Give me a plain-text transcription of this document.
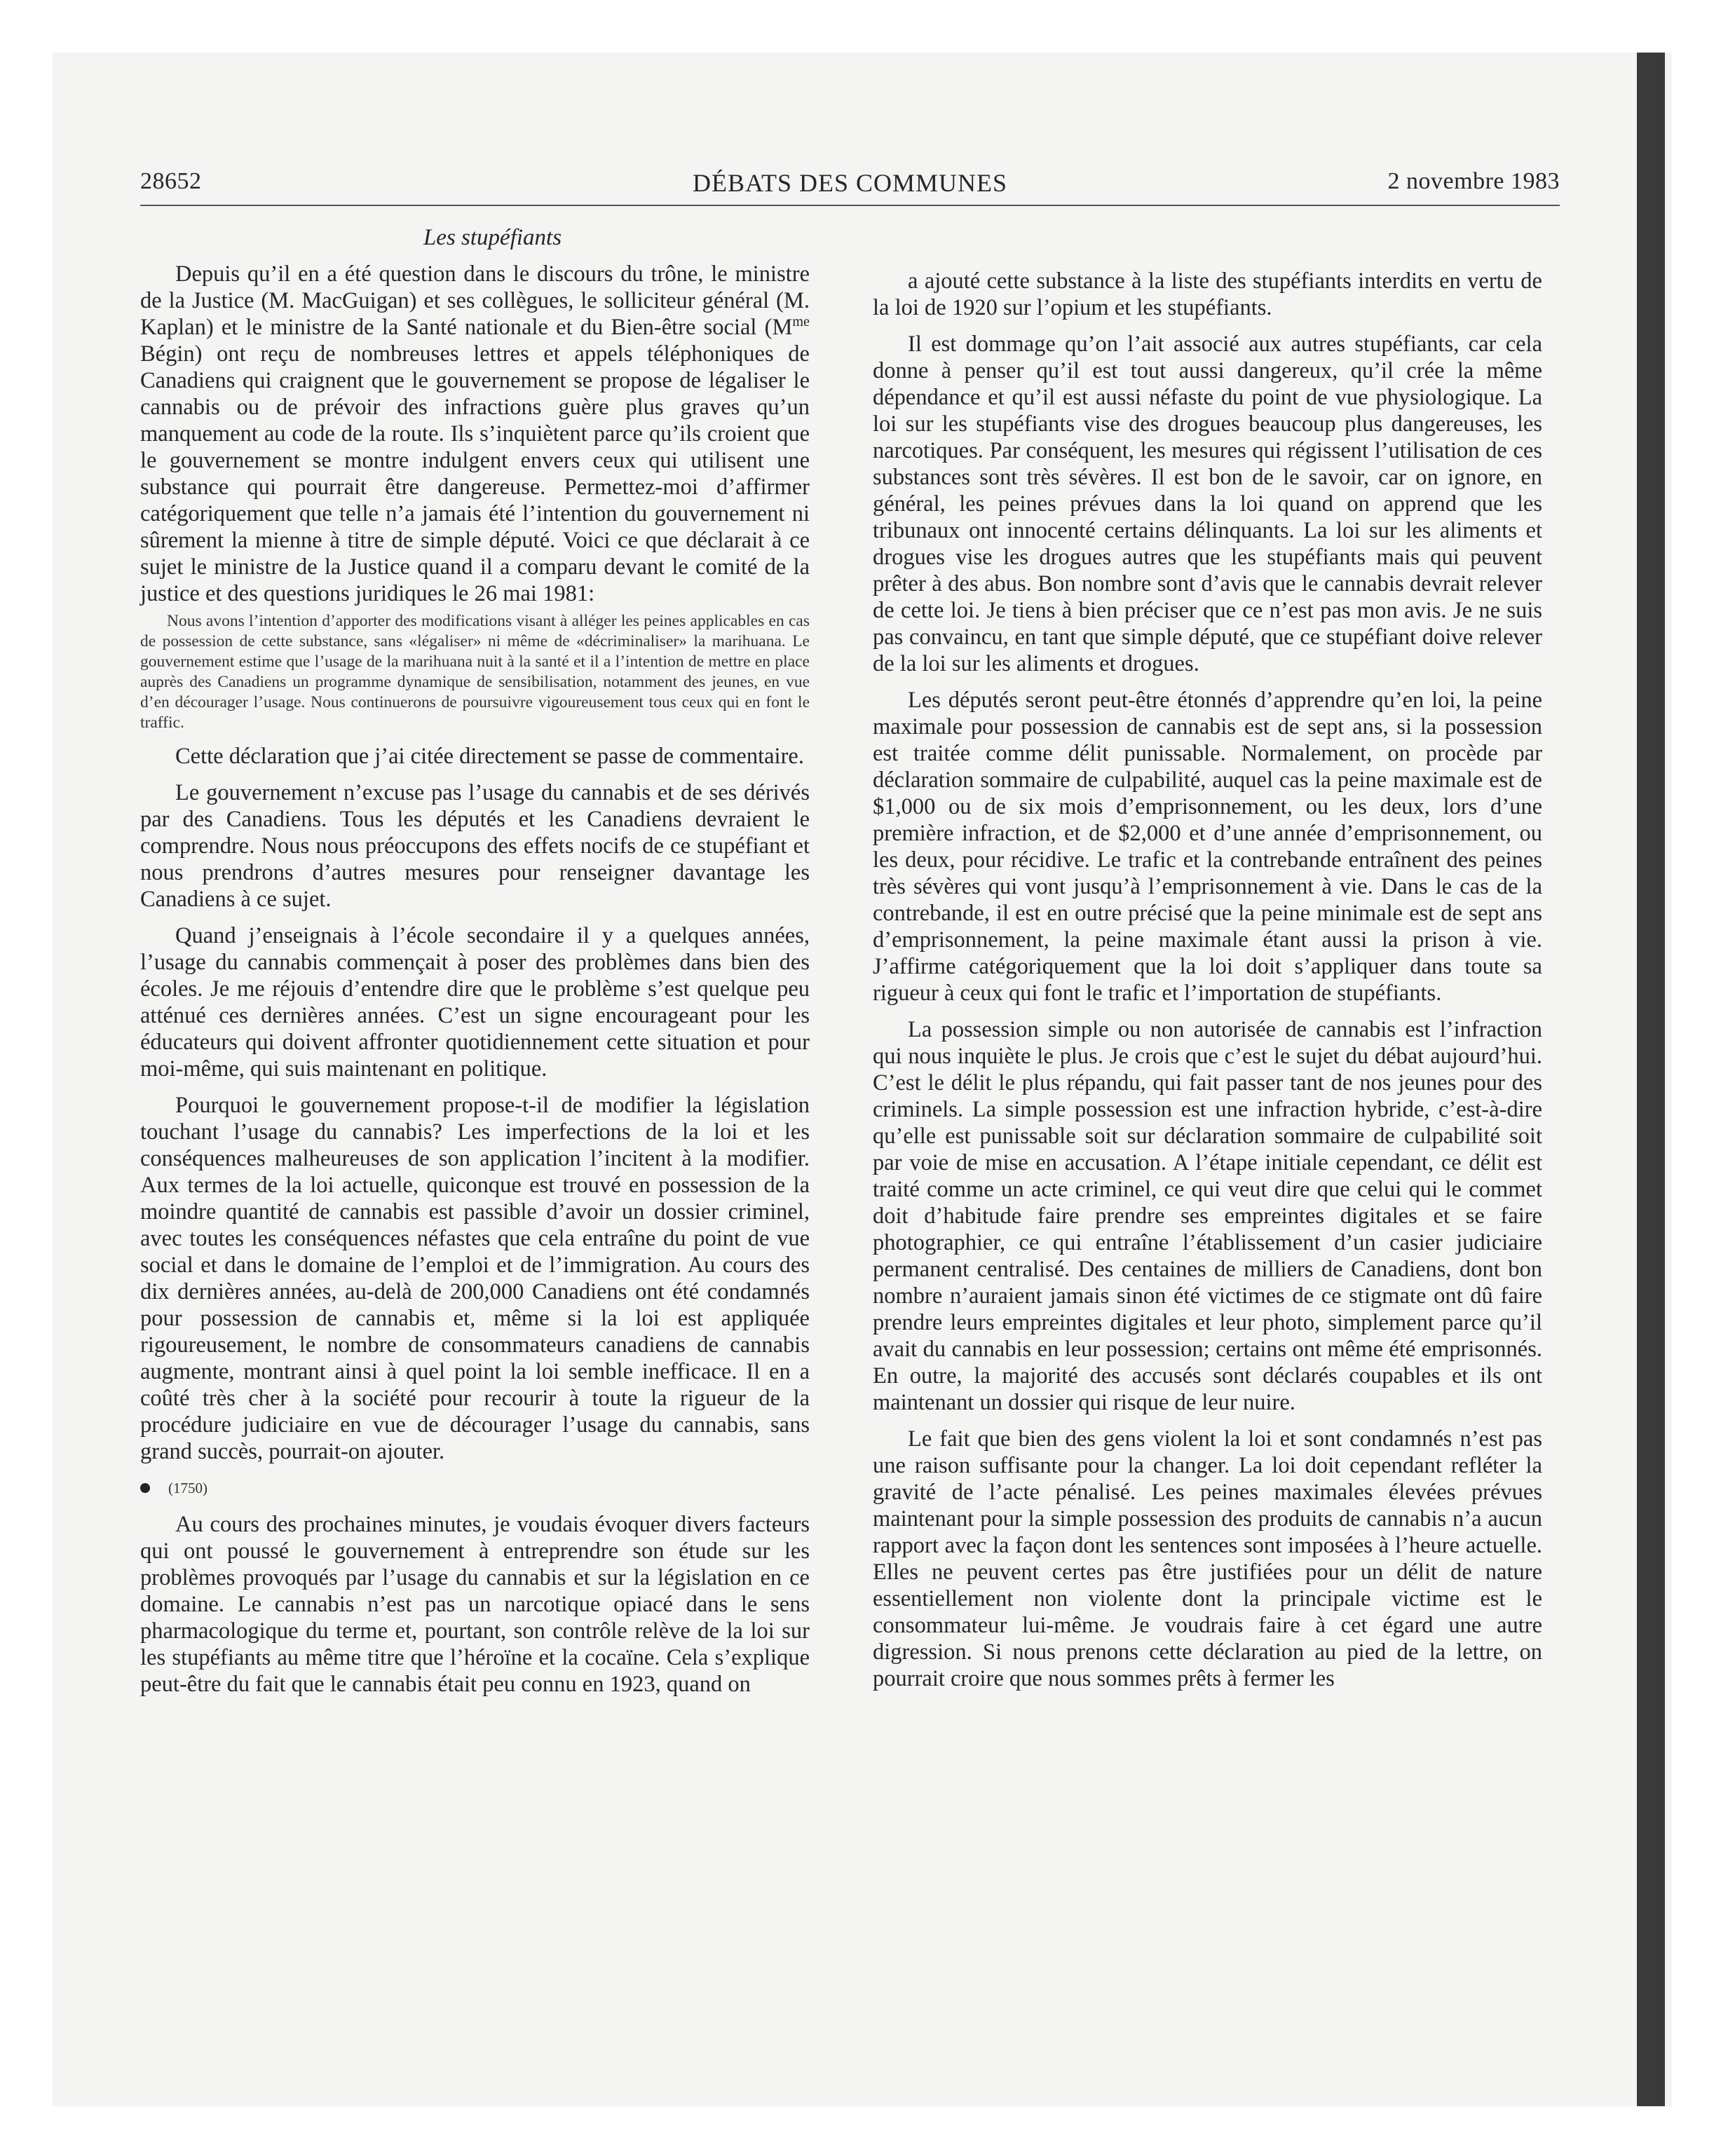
28652	DÉBATS DES COMMUNES	2 novembre 1983

Les stupéfiants

Depuis qu’il en a été question dans le discours du trône, le ministre de la Justice (M. MacGuigan) et ses collègues, le solliciteur général (M. Kaplan) et le ministre de la Santé nationale et du Bien-être social ($M^{me}$ Bégin) ont reçu de nombreuses lettres et appels téléphoniques de Canadiens qui craignent que le gouvernement se propose de légaliser le cannabis ou de prévoir des infractions guère plus graves qu’un manquement au code de la route. Ils s’inquiètent parce qu’ils croient que le gouvernement se montre indulgent envers ceux qui utilisent une substance qui pourrait être dangereuse. Permettez-moi d’affirmer catégoriquement que telle n’a jamais été l’intention du gouvernement ni sûrement la mienne à titre de simple député. Voici ce que déclarait à ce sujet le ministre de la Justice quand il a comparu devant le comité de la justice et des questions juridiques le 26 mai 1981:

Nous avons l’intention d’apporter des modifications visant à alléger les peines applicables en cas de possession de cette substance, sans «légaliser» ni même de «décriminaliser» la marihuana. Le gouvernement estime que l’usage de la marihuana nuit à la santé et il a l’intention de mettre en place auprès des Canadiens un programme dynamique de sensibilisation, notamment des jeunes, en vue d’en décourager l’usage. Nous continuerons de poursuivre vigoureusement tous ceux qui en font le traffic.

Cette déclaration que j’ai citée directement se passe de commentaire.

Le gouvernement n’excuse pas l’usage du cannabis et de ses dérivés par des Canadiens. Tous les députés et les Canadiens devraient le comprendre. Nous nous préoccupons des effets nocifs de ce stupéfiant et nous prendrons d’autres mesures pour renseigner davantage les Canadiens à ce sujet.

Quand j’enseignais à l’école secondaire il y a quelques années, l’usage du cannabis commençait à poser des problèmes dans bien des écoles. Je me réjouis d’entendre dire que le problème s’est quelque peu atténué ces dernières années. C’est un signe encourageant pour les éducateurs qui doivent affronter quotidiennement cette situation et pour moi-même, qui suis maintenant en politique.

Pourquoi le gouvernement propose-t-il de modifier la législation touchant l’usage du cannabis? Les imperfections de la loi et les conséquences malheureuses de son application l’incitent à la modifier. Aux termes de la loi actuelle, quiconque est trouvé en possession de la moindre quantité de cannabis est passible d’avoir un dossier criminel, avec toutes les conséquences néfastes que cela entraîne du point de vue social et dans le domaine de l’emploi et de l’immigration. Au cours des dix dernières années, au-delà de 200,000 Canadiens ont été condamnés pour possession de cannabis et, même si la loi est appliquée rigoureusement, le nombre de consommateurs canadiens de cannabis augmente, montrant ainsi à quel point la loi semble inefficace. Il en a coûté très cher à la société pour recourir à toute la rigueur de la procédure judiciaire en vue de décourager l’usage du cannabis, sans grand succès, pourrait-on ajouter.

(1750)

Au cours des prochaines minutes, je voudais évoquer divers facteurs qui ont poussé le gouvernement à entreprendre son étude sur les problèmes provoqués par l’usage du cannabis et sur la législation en ce domaine. Le cannabis n’est pas un narcotique opiacé dans le sens pharmacologique du terme et, pourtant, son contrôle relève de la loi sur les stupéfiants au même titre que l’héroïne et la cocaïne. Cela s’explique peut-être du fait que le cannabis était peu connu en 1923, quand on

a ajouté cette substance à la liste des stupéfiants interdits en vertu de la loi de 1920 sur l’opium et les stupéfiants.

Il est dommage qu’on l’ait associé aux autres stupéfiants, car cela donne à penser qu’il est tout aussi dangereux, qu’il crée la même dépendance et qu’il est aussi néfaste du point de vue physiologique. La loi sur les stupéfiants vise des drogues beaucoup plus dangereuses, les narcotiques. Par conséquent, les mesures qui régissent l’utilisation de ces substances sont très sévères. Il est bon de le savoir, car on ignore, en général, les peines prévues dans la loi quand on apprend que les tribunaux ont innocenté certains délinquants. La loi sur les aliments et drogues vise les drogues autres que les stupéfiants mais qui peuvent prêter à des abus. Bon nombre sont d’avis que le cannabis devrait relever de cette loi. Je tiens à bien préciser que ce n’est pas mon avis. Je ne suis pas convaincu, en tant que simple député, que ce stupéfiant doive relever de la loi sur les aliments et drogues.

Les députés seront peut-être étonnés d’apprendre qu’en loi, la peine maximale pour possession de cannabis est de sept ans, si la possession est traitée comme délit punissable. Normalement, on procède par déclaration sommaire de culpabilité, auquel cas la peine maximale est de $1,000 ou de six mois d’emprisonnement, ou les deux, lors d’une première infraction, et de $2,000 et d’une année d’emprisonnement, ou les deux, pour récidive. Le trafic et la contrebande entraînent des peines très sévères qui vont jusqu’à l’emprisonnement à vie. Dans le cas de la contrebande, il est en outre précisé que la peine minimale est de sept ans d’emprisonnement, la peine maximale étant aussi la prison à vie. J’affirme catégoriquement que la loi doit s’appliquer dans toute sa rigueur à ceux qui font le trafic et l’importation de stupéfiants.

La possession simple ou non autorisée de cannabis est l’infraction qui nous inquiète le plus. Je crois que c’est le sujet du débat aujourd’hui. C’est le délit le plus répandu, qui fait passer tant de nos jeunes pour des criminels. La simple possession est une infraction hybride, c’est-à-dire qu’elle est punissable soit sur déclaration sommaire de culpabilité soit par voie de mise en accusation. A l’étape initiale cependant, ce délit est traité comme un acte criminel, ce qui veut dire que celui qui le commet doit d’habitude faire prendre ses empreintes digitales et se faire photographier, ce qui entraîne l’établissement d’un casier judiciaire permanent centralisé. Des centaines de milliers de Canadiens, dont bon nombre n’auraient jamais sinon été victimes de ce stigmate ont dû faire prendre leurs empreintes digitales et leur photo, simplement parce qu’il avait du cannabis en leur possession; certains ont même été emprisonnés. En outre, la majorité des accusés sont déclarés coupables et ils ont maintenant un dossier qui risque de leur nuire.

Le fait que bien des gens violent la loi et sont condamnés n’est pas une raison suffisante pour la changer. La loi doit cependant refléter la gravité de l’acte pénalisé. Les peines maximales élevées prévues maintenant pour la simple possession des produits de cannabis n’a aucun rapport avec la façon dont les sentences sont imposées à l’heure actuelle. Elles ne peuvent certes pas être justifiées pour un délit de nature essentiellement non violente dont la principale victime est le consommateur lui-même. Je voudrais faire à cet égard une autre digression. Si nous prenons cette déclaration au pied de la lettre, on pourrait croire que nous sommes prêts à fermer les
